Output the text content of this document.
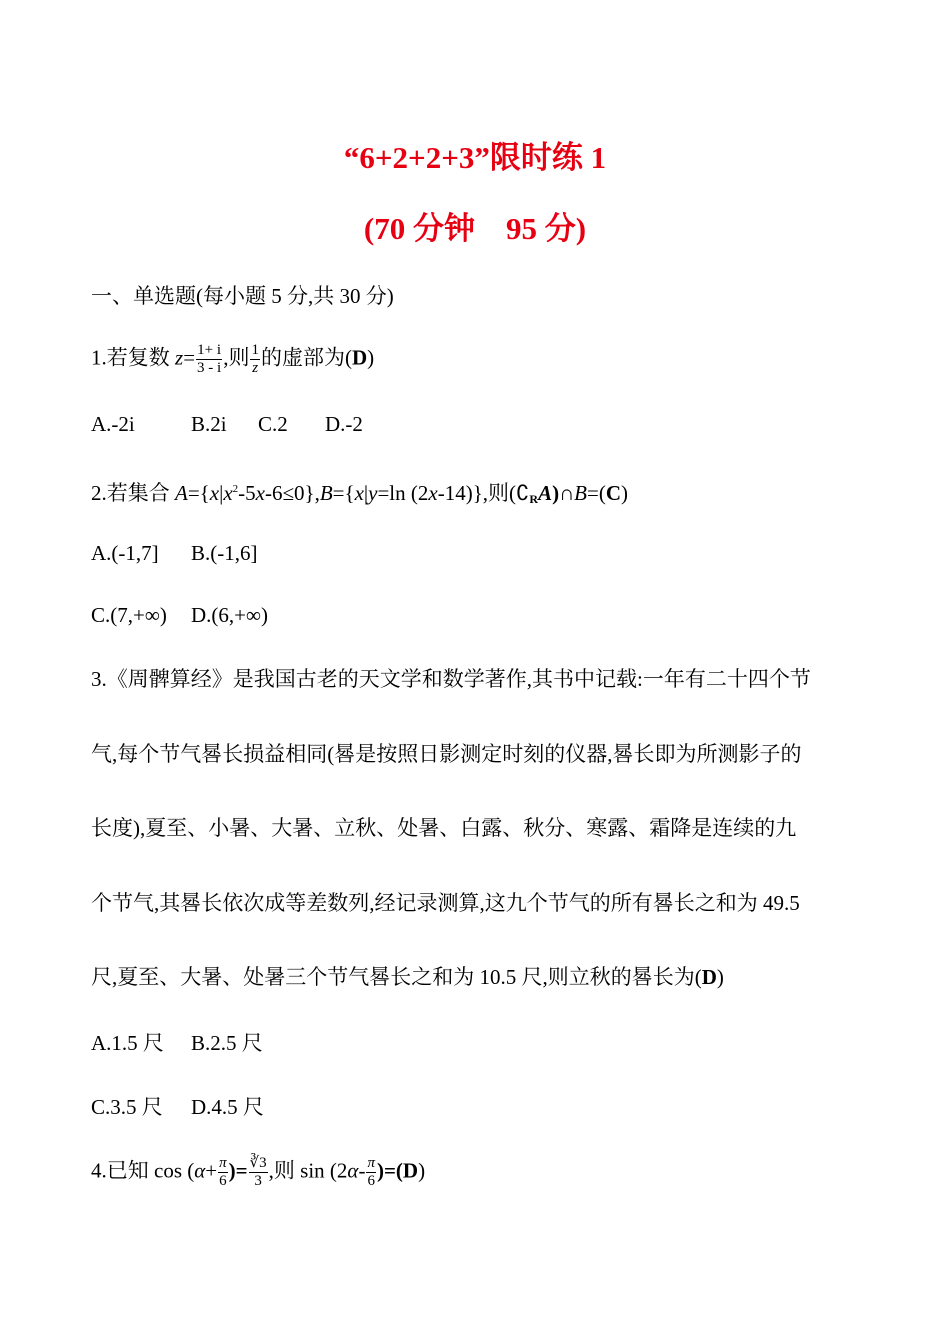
“6+2+2+3”限时练 1
(70 分钟　95 分)
一、单选题(每小题 5 分,共 30 分)
1.若复数 $z= \frac{1+ i}{3 - i}$ ,则 $\frac{1}{z}$ 的虚部为(D)
A.-2i	B.2i C.2 D.-2
2.若集合 $A=\{x|x^2-5x-6\le 0\},B=\{x|y=\ln$ (2x-14)},则$(∁_RA)\cap B=(C)$
A.(-1,7] B.(-1,6]
C.(7,+∞) D.(6,+∞)
3.《周髀算经》是我国古老的天文学和数学著作,其书中记载:一年有二十四个节
气,每个节气晷长损益相同(晷是按照日影测定时刻的仪器,晷长即为所测影子的
长度),夏至、小暑、大暑、立秋、处暑、白露、秋分、寒露、霜降是连续的九
个节气,其晷长依次成等差数列,经记录测算,这九个节气的所有晷长之和为 49.5
尺,夏至、大暑、处暑三个节气晷长之和为 10.5 尺,则立秋的晷长为(D)
A.1.5 尺 B.2.5 尺
C.3.5 尺 D.4.5 尺
4.已知 $\cos (\alpha+ \frac{\pi}{6}$ )= $\frac{∛3}{3}$ ,则 $\sin (2\alpha- \frac{\pi}{6} )=(D)$
